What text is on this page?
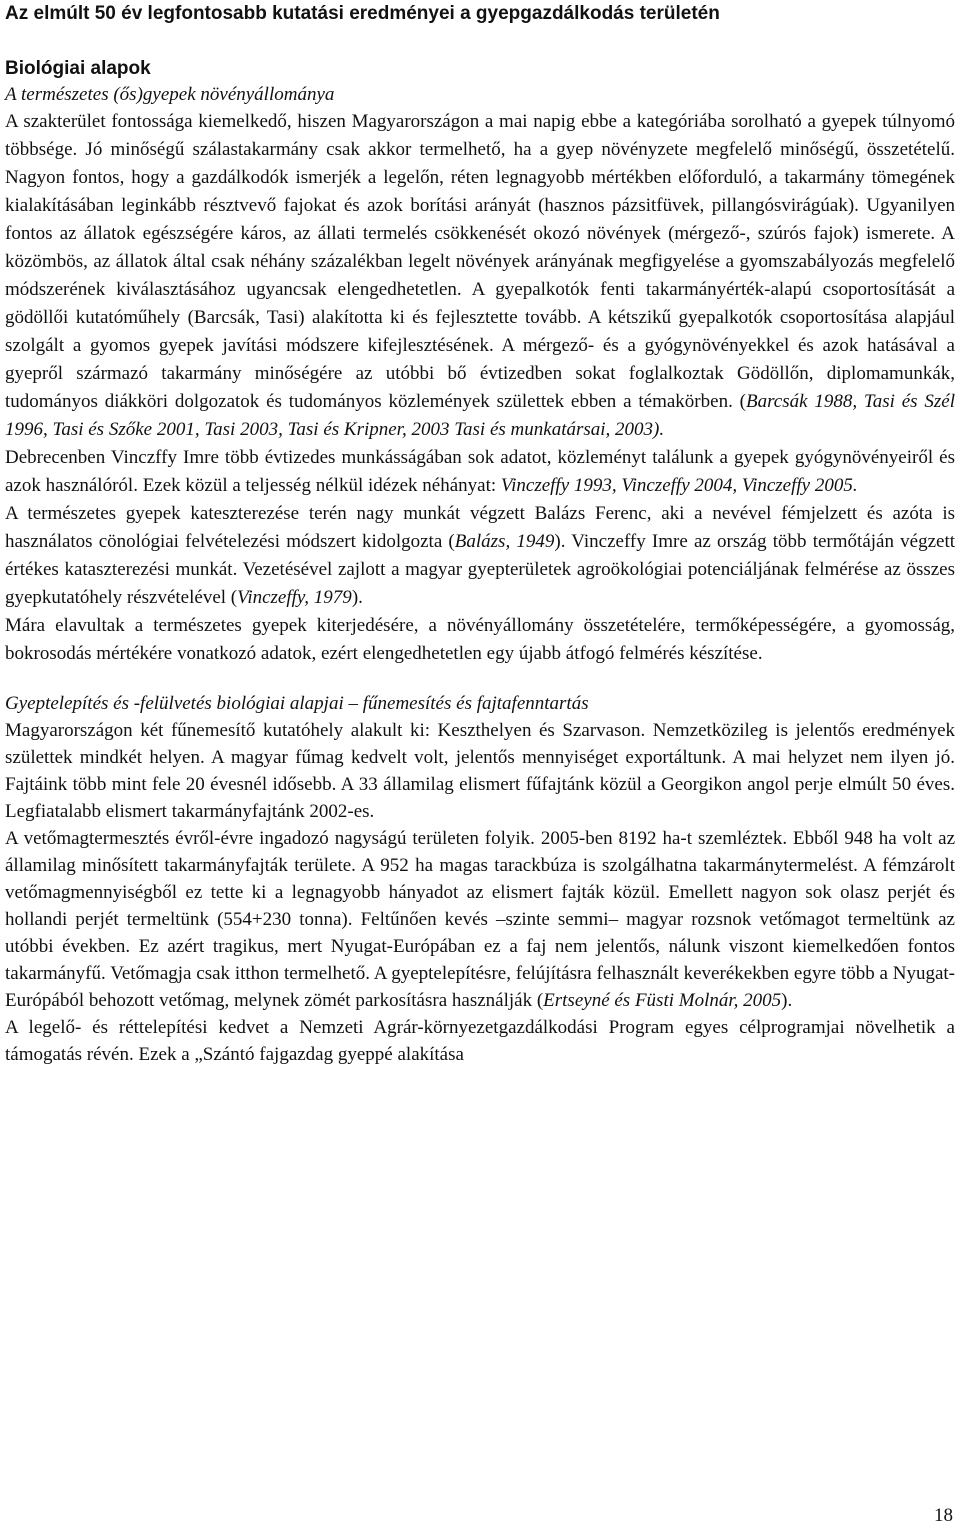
Az elmúlt 50 év legfontosabb kutatási eredményei a gyepgazdálkodás területén
Biológiai alapok
A természetes (ős)gyepek növényállománya

A szakterület fontossága kiemelkedő, hiszen Magyarországon a mai napig ebbe a kategóriába sorolható a gyepek túlnyomó többsége. Jó minőségű szálastakarmány csak akkor termelhető, ha a gyep növényzete megfelelő minőségű, összetételű. Nagyon fontos, hogy a gazdálkodók ismerjék a legelőn, réten legnagyobb mértékben előforduló, a takarmány tömegének kialakításában leginkább résztvevő fajokat és azok borítási arányát (hasznos pázsitfüvek, pillangósvirágúak). Ugyanilyen fontos az állatok egészségére káros, az állati termelés csökkenését okozó növények (mérgező-, szúrós fajok) ismerete. A közömbös, az állatok által csak néhány százalékban legelt növények arányának megfigyelése a gyomszabályozás megfelelő módszerének kiválasztásához ugyancsak elengedhetetlen. A gyepalkotók fenti takarmányérték-alapú csoportosítását a gödöllői kutatóműhely (Barcsák, Tasi) alakította ki és fejlesztette tovább. A kétszikű gyepalkotók csoportosítása alapjául szolgált a gyomos gyepek javítási módszere kifejlesztésének. A mérgező- és a gyógynövényekkel és azok hatásával a gyepről származó takarmány minőségére az utóbbi bő évtizedben sokat foglalkoztak Gödöllőn, diplomamunkák, tudományos diákköri dolgozatok és tudományos közlemények születtek ebben a témakörben. (Barcsák 1988, Tasi és Szél 1996, Tasi és Szőke 2001, Tasi 2003, Tasi és Kripner, 2003 Tasi és munkatársai, 2003).

Debrecenben Vinczffy Imre több évtizedes munkásságában sok adatot, közleményt találunk a gyepek gyógynövényeiről és azok használóról. Ezek közül a teljesség nélkül idézek néhányat: Vinczeffy 1993, Vinczeffy 2004, Vinczeffy 2005.

A természetes gyepek kateszterezése terén nagy munkát végzett Balázs Ferenc, aki a nevével fémjelzett és azóta is használatos cönológiai felvételezési módszert kidolgozta (Balázs, 1949). Vinczeffy Imre az ország több termőtáján végzett értékes kataszterezési munkát. Vezetésével zajlott a magyar gyepterületek agroökológiai potenciáljának felmérése az összes gyepkutatóhely részvételével (Vinczeffy, 1979).

Mára elavultak a természetes gyepek kiterjedésére, a növényállomány összetételére, termőképességére, a gyomosság, bokrosodás mértékére vonatkozó adatok, ezért elengedhetetlen egy újabb átfogó felmérés készítése.

Gyeptelepítés és -felülvetés biológiai alapjai – fűnemesítés és fajtafenntartás

Magyarországon két fűnemesítő kutatóhely alakult ki: Keszthelyen és Szarvason. Nemzetközileg is jelentős eredmények születtek mindkét helyen. A magyar fűmag kedvelt volt, jelentős mennyiséget exportáltunk. A mai helyzet nem ilyen jó. Fajtáink több mint fele 20 évesnél idősebb. A 33 államilag elismert fűfajtánk közül a Georgikon angol perje elmúlt 50 éves. Legfiatalabb elismert takarmányfajtánk 2002-es.

A vetőmagtermesztés évről-évre ingadozó nagyságú területen folyik. 2005-ben 8192 ha-t szemléztek. Ebből 948 ha volt az államilag minősített takarmányfajták területe. A 952 ha magas tarackbúza is szolgálhatna takarmánytermelést. A fémzárolt vetőmagmennyiségből ez tette ki a legnagyobb hányadot az elismert fajták közül. Emellett nagyon sok olasz perjét és hollandi perjét termeltünk (554+230 tonna). Feltűnően kevés –szinte semmi– magyar rozsnok vetőmagot termeltünk az utóbbi években. Ez azért tragikus, mert Nyugat-Európában ez a faj nem jelentős, nálunk viszont kiemelkedően fontos takarmányfű. Vetőmagja csak itthon termelhető. A gyeptelepítésre, felújításra felhasznált keverékekben egyre több a Nyugat-Európából behozott vetőmag, melynek zömét parkosításra használják (Ertseyné és Füsti Molnár, 2005).

A legelő- és réttelepítési kedvet a Nemzeti Agrár-környezetgazdálkodási Program egyes célprogramjai növelhetik a támogatás révén. Ezek a „Szántó fajgazdag gyeppé alakítása

18
